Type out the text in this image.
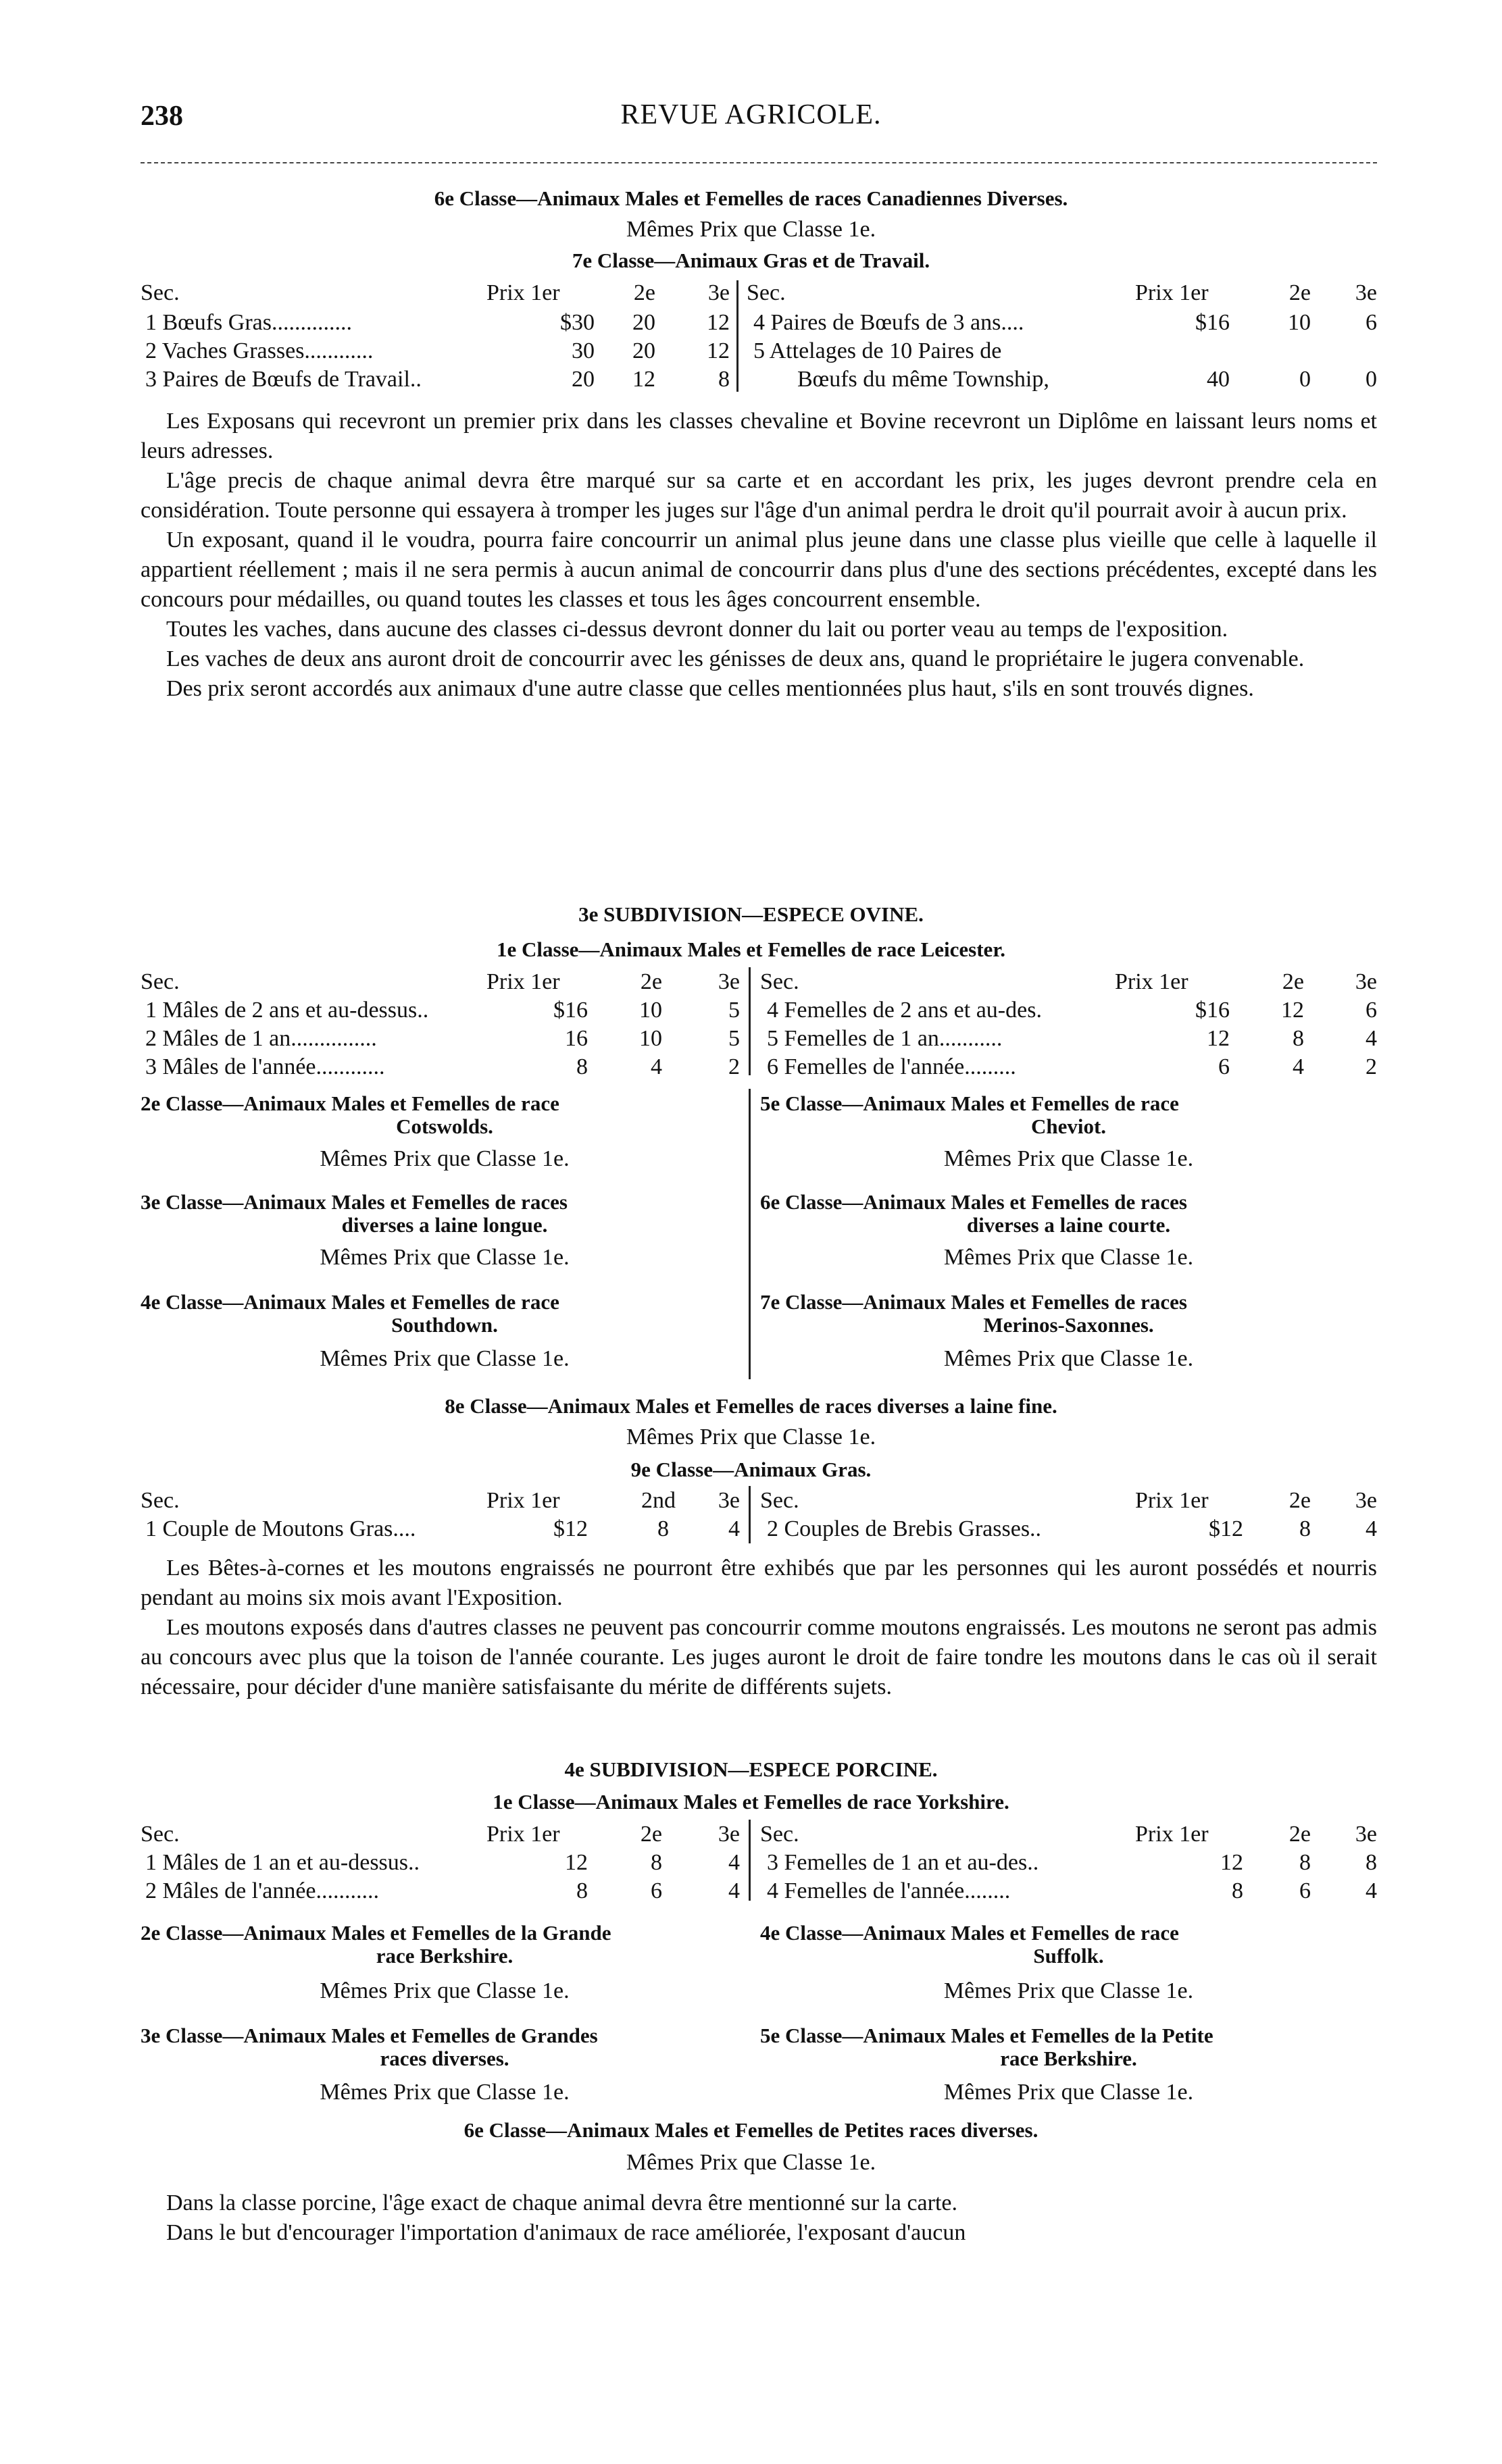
238	REVUE AGRICOLE.
6e Classe—Animaux Males et Femelles de races Canadiennes Diverses.
Mêmes Prix que Classe 1e.
7e Classe—Animaux Gras et de Travail.
Sec.	Prix 1er	2e	3e Sec.	Prix 1er	2e	3e
1 Bœufs Gras..............	$30	20	12
2 Vaches Grasses............	30	20	12
3 Paires de Bœufs de Travail..	20	12	8
4 Paires de Bœufs de 3 ans....	$16	10	6
5 Attelages de 10 Paires de
Bœufs du même Township,	40	0	0

Les Exposans qui recevront un premier prix dans les classes chevaline et Bovine recevront un Diplôme en laissant leurs noms et leurs adresses.

L'âge precis de chaque animal devra être marqué sur sa carte et en accordant les prix, les juges devront prendre cela en considération. Toute personne qui essayera à tromper les juges sur l'âge d'un animal perdra le droit qu'il pourrait avoir à aucun prix.

Un exposant, quand il le voudra, pourra faire concourrir un animal plus jeune dans une classe plus vieille que celle à laquelle il appartient réellement ; mais il ne sera permis à aucun animal de concourrir dans plus d'une des sections précédentes, excepté dans les concours pour médailles, ou quand toutes les classes et tous les âges concourrent ensemble.

Toutes les vaches, dans aucune des classes ci-dessus devront donner du lait ou porter veau au temps de l'exposition.

Les vaches de deux ans auront droit de concourrir avec les génisses de deux ans, quand le propriétaire le jugera convenable.

Des prix seront accordés aux animaux d'une autre classe que celles mentionnées plus haut, s'ils en sont trouvés dignes.

3e SUBDIVISION—ESPECE OVINE.
1e Classe—Animaux Males et Femelles de race Leicester.
Sec.	Prix 1er	2e	3e Sec.	Prix 1er	2e	3e
1 Mâles de 2 ans et au-dessus..	$16	10	5
2 Mâles de 1 an...............	16	10	5
3 Mâles de l'année............	8	4	2
4 Femelles de 2 ans et au-des.	$16	12	6
5 Femelles de 1 an...........	12	8	4
6 Femelles de l'année.........	6	4	2
2e Classe—Animaux Males et Femelles de race
Cotswolds.
Mêmes Prix que Classe 1e.
3e Classe—Animaux Males et Femelles de races
diverses a laine longue.
Mêmes Prix que Classe 1e.
4e Classe—Animaux Males et Femelles de race
Southdown.
Mêmes Prix que Classe 1e.
5e Classe—Animaux Males et Femelles de race
Cheviot.
Mêmes Prix que Classe 1e.
6e Classe—Animaux Males et Femelles de races
diverses a laine courte.
Mêmes Prix que Classe 1e.
7e Classe—Animaux Males et Femelles de races
Merinos-Saxonnes.
Mêmes Prix que Classe 1e.
8e Classe—Animaux Males et Femelles de races diverses a laine fine.
Mêmes Prix que Classe 1e.
9e Classe—Animaux Gras.
Sec.	Prix 1er	2nd	3e Sec.	Prix 1er	2e	3e
1 Couple de Moutons Gras....	$12	8	4 2 Couples de Brebis Grasses..	$12	8	4

Les Bêtes-à-cornes et les moutons engraissés ne pourront être exhibés que par les personnes qui les auront possédés et nourris pendant au moins six mois avant l'Exposition.

Les moutons exposés dans d'autres classes ne peuvent pas concourrir comme moutons engraissés. Les moutons ne seront pas admis au concours avec plus que la toison de l'année courante. Les juges auront le droit de faire tondre les moutons dans le cas où il serait nécessaire, pour décider d'une manière satisfaisante du mérite de différents sujets.

4e SUBDIVISION—ESPECE PORCINE.
1e Classe—Animaux Males et Femelles de race Yorkshire.
Sec.	Prix 1er	2e	3e Sec.	Prix 1er	2e	3e
1 Mâles de 1 an et au-dessus..	12	8	4
2 Mâles de l'année...........	8	6	4
3 Femelles de 1 an et au-des..	12	8	8
4 Femelles de l'année........	8	6	4
2e Classe—Animaux Males et Femelles de la Grande
race Berkshire.
Mêmes Prix que Classe 1e.
3e Classe—Animaux Males et Femelles de Grandes
races diverses.
Mêmes Prix que Classe 1e.
4e Classe—Animaux Males et Femelles de race
Suffolk.
Mêmes Prix que Classe 1e.
5e Classe—Animaux Males et Femelles de la Petite
race Berkshire.
Mêmes Prix que Classe 1e.
6e Classe—Animaux Males et Femelles de Petites races diverses.
Mêmes Prix que Classe 1e.

Dans la classe porcine, l'âge exact de chaque animal devra être mentionné sur la carte.

Dans le but d'encourager l'importation d'animaux de race améliorée, l'exposant d'aucun
